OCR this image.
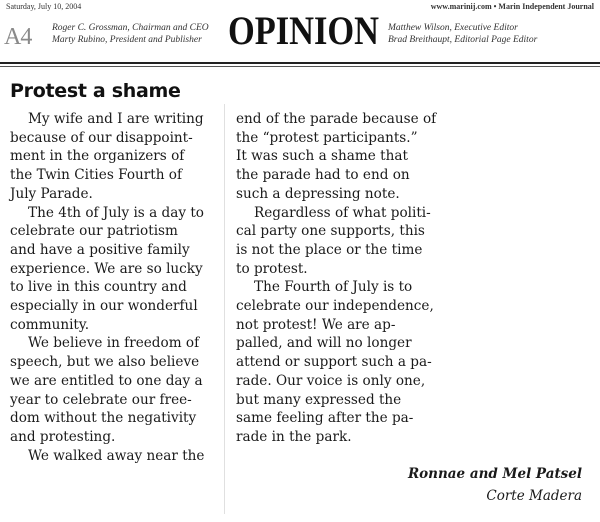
Saturday, July 10, 2004	www.marinij.com • Marin Independent Journal
A4 Roger C. Grossman, Chairman and CEO
Marty Rubino, President and Publisher OPINION Matthew Wilson, Executive Editor
Brad Breithaupt, Editorial Page Editor
Protest a shame

My wife and I are writing
because of our disappoint-
ment in the organizers of
the Twin Cities Fourth of
July Parade.

The 4th of July is a day to
celebrate our patriotism
and have a positive family
experience. We are so lucky
to live in this country and
especially in our wonderful
community.

We believe in freedom of
speech, but we also believe
we are entitled to one day a
year to celebrate our free-
dom without the negativity
and protesting.

We walked away near the

end of the parade because of
the “protest participants.”
It was such a shame that
the parade had to end on
such a depressing note.

Regardless of what politi-
cal party one supports, this
is not the place or the time
to protest.

The Fourth of July is to
celebrate our independence,
not protest! We are ap-
palled, and will no longer
attend or support such a pa-
rade. Our voice is only one,
but many expressed the
same feeling after the pa-
rade in the park.

Ronnae and Mel Patsel
Corte Madera
